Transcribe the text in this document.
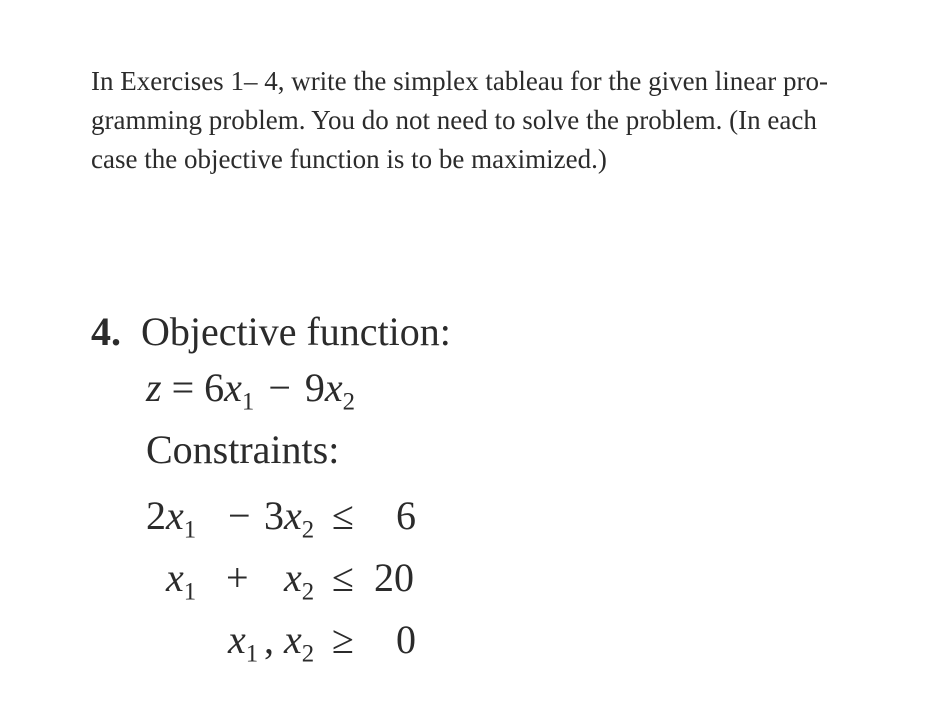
In Exercises 1– 4, write the simplex tableau for the given linear pro-
gramming problem. You do not need to solve the problem. (In each
case the objective function is to be maximized.)
4. Objective function:
$z = 6x_1 - 9x_2$
Constraints:
2 $x_1 - 3$ $x_2 \le 6$
$x_1 + x_2 \le 20$
$x_1$ , $x_2 \ge 0$
